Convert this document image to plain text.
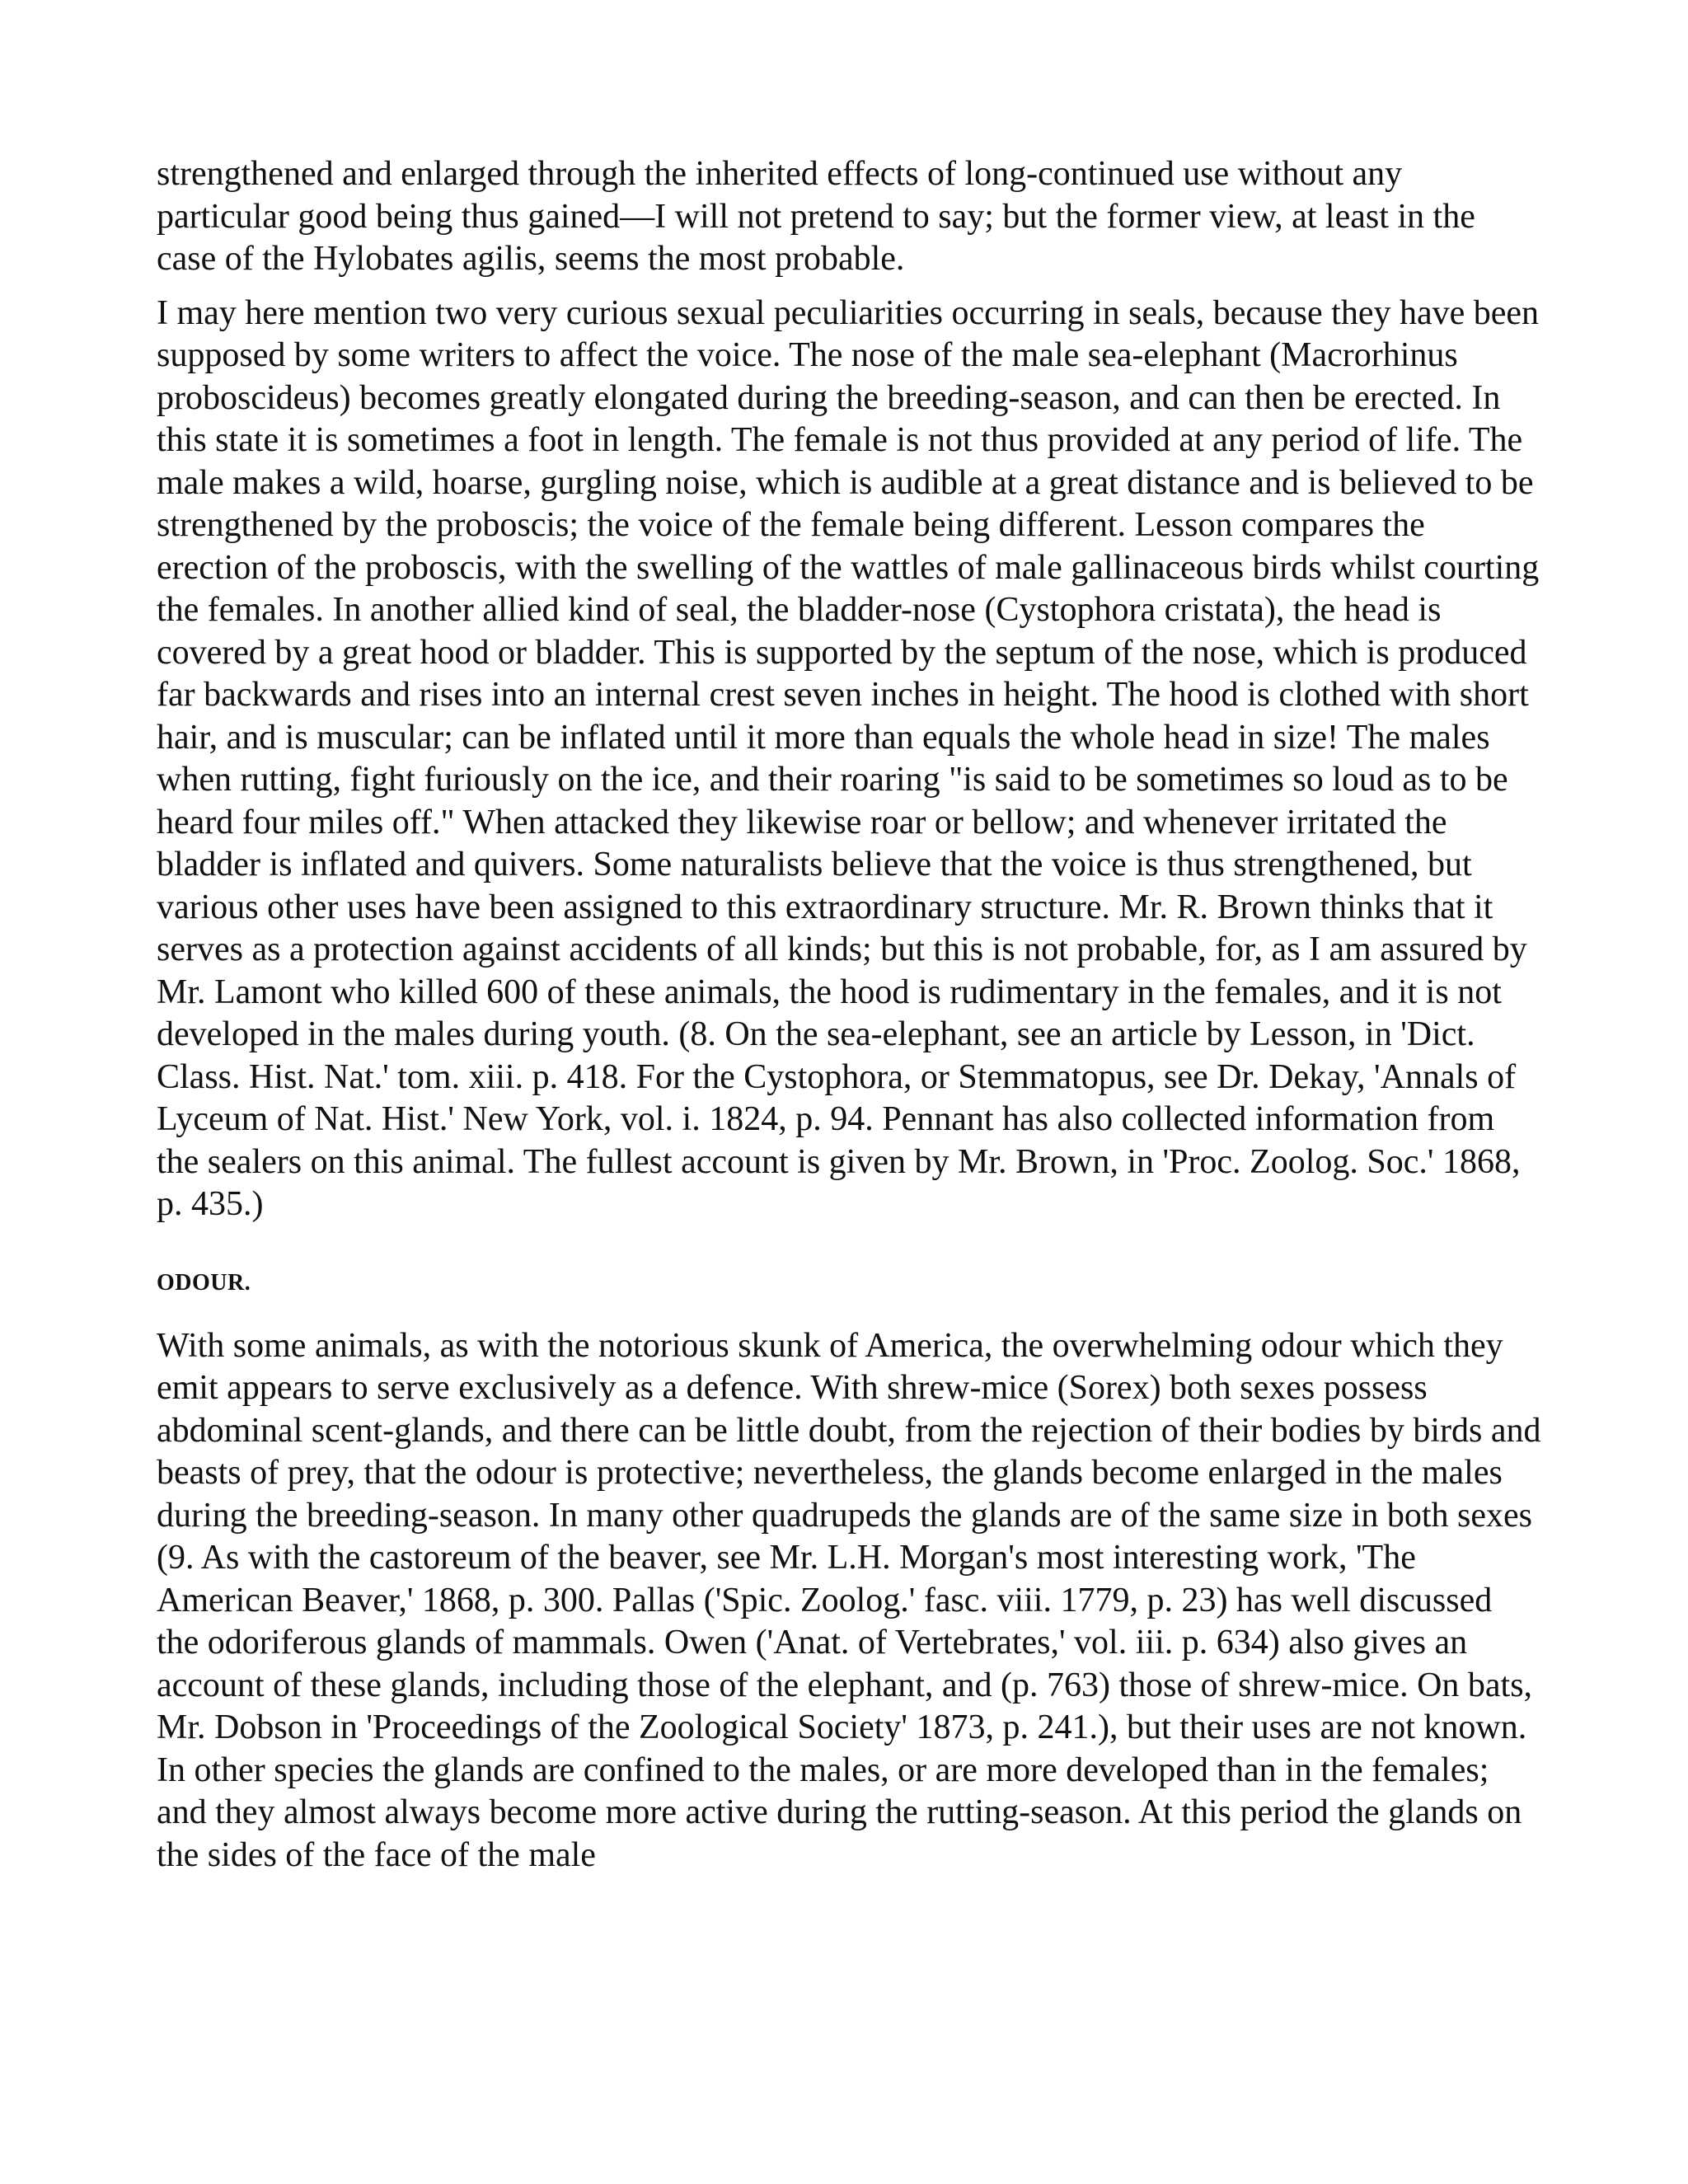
strengthened and enlarged through the inherited effects of long-continued use without any particular good being thus gained—I will not pretend to say; but the former view, at least in the case of the Hylobates agilis, seems the most probable.

I may here mention two very curious sexual peculiarities occurring in seals, because they have been supposed by some writers to affect the voice. The nose of the male sea-elephant (Macrorhinus proboscideus) becomes greatly elongated during the breeding-season, and can then be erected. In this state it is sometimes a foot in length. The female is not thus provided at any period of life. The male makes a wild, hoarse, gurgling noise, which is audible at a great distance and is believed to be strengthened by the proboscis; the voice of the female being different. Lesson compares the erection of the proboscis, with the swelling of the wattles of male gallinaceous birds whilst courting the females. In another allied kind of seal, the bladder-nose (Cystophora cristata), the head is covered by a great hood or bladder. This is supported by the septum of the nose, which is produced far backwards and rises into an internal crest seven inches in height. The hood is clothed with short hair, and is muscular; can be inflated until it more than equals the whole head in size! The males when rutting, fight furiously on the ice, and their roaring "is said to be sometimes so loud as to be heard four miles off." When attacked they likewise roar or bellow; and whenever irritated the bladder is inflated and quivers. Some naturalists believe that the voice is thus strengthened, but various other uses have been assigned to this extraordinary structure. Mr. R. Brown thinks that it serves as a protection against accidents of all kinds; but this is not probable, for, as I am assured by Mr. Lamont who killed 600 of these animals, the hood is rudimentary in the females, and it is not developed in the males during youth. (8. On the sea-elephant, see an article by Lesson, in 'Dict. Class. Hist. Nat.' tom. xiii. p. 418. For the Cystophora, or Stemmatopus, see Dr. Dekay, 'Annals of Lyceum of Nat. Hist.' New York, vol. i. 1824, p. 94. Pennant has also collected information from the sealers on this animal. The fullest account is given by Mr. Brown, in 'Proc. Zoolog. Soc.' 1868, p. 435.)

ODOUR.

With some animals, as with the notorious skunk of America, the overwhelming odour which they emit appears to serve exclusively as a defence. With shrew-mice (Sorex) both sexes possess abdominal scent-glands, and there can be little doubt, from the rejection of their bodies by birds and beasts of prey, that the odour is protective; nevertheless, the glands become enlarged in the males during the breeding-season. In many other quadrupeds the glands are of the same size in both sexes (9. As with the castoreum of the beaver, see Mr. L.H. Morgan's most interesting work, 'The American Beaver,' 1868, p. 300. Pallas ('Spic. Zoolog.' fasc. viii. 1779, p. 23) has well discussed the odoriferous glands of mammals. Owen ('Anat. of Vertebrates,' vol. iii. p. 634) also gives an account of these glands, including those of the elephant, and (p. 763) those of shrew-mice. On bats, Mr. Dobson in 'Proceedings of the Zoological Society' 1873, p. 241.), but their uses are not known. In other species the glands are confined to the males, or are more developed than in the females; and they almost always become more active during the rutting-season. At this period the glands on the sides of the face of the male
